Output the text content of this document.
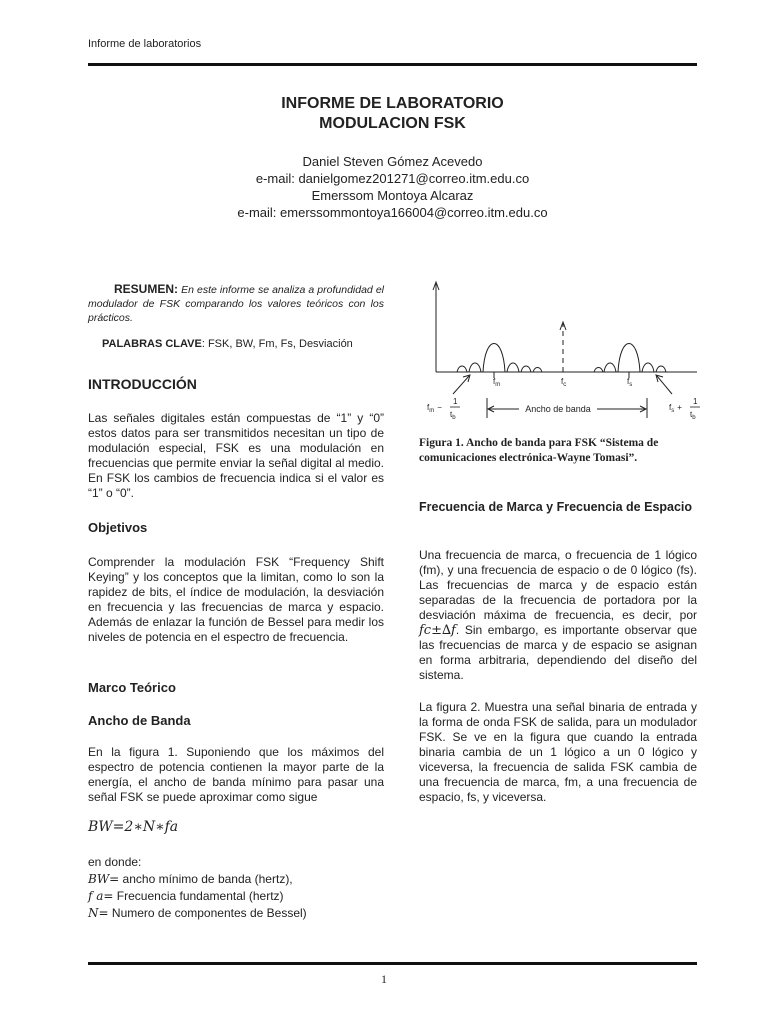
Informe de laboratorios
INFORME DE LABORATORIO
MODULACION FSK
Daniel Steven Gómez Acevedo
e-mail: danielgomez201271@correo.itm.edu.co
Emerssom Montoya Alcaraz
e-mail: emerssommontoya166004@correo.itm.edu.co
RESUMEN: En este informe se analiza a profundidad el modulador de FSK comparando los valores teóricos con los prácticos.
PALABRAS CLAVE: FSK, BW, Fm, Fs, Desviación
INTRODUCCIÓN
Las señales digitales están compuestas de “1” y “0” estos datos para ser transmitidos necesitan un tipo de modulación especial, FSK es una modulación en frecuencias que permite enviar la señal digital al medio. En FSK los cambios de frecuencia indica si el valor es “1” o “0”.
Objetivos
Comprender la modulación FSK “Frequency Shift Keying” y los conceptos que la limitan, como lo son la rapidez de bits, el índice de modulación, la desviación en frecuencia y las frecuencias de marca y espacio. Además de enlazar la función de Bessel para medir los niveles de potencia en el espectro de frecuencia.
Marco Teórico
Ancho de Banda
En la figura 1. Suponiendo que los máximos del espectro de potencia contienen la mayor parte de la energía, el ancho de banda mínimo para pasar una señal FSK se puede aproximar como sigue
BW=2∗N∗fa
en donde:
BW= ancho mínimo de banda (hertz),
f a= Frecuencia fundamental (hertz)
N= Numero de componentes de Bessel)
$f_m$	$f_c$	$f_s$
Ancho de banda
$f_m$ −
1
$t_b$
$f_s$ +
1
$t_b$
Figura 1. Ancho de banda para FSK “Sistema de comunicaciones electrónica-Wayne Tomasi”.
Frecuencia de Marca y Frecuencia de Espacio
Una frecuencia de marca, o frecuencia de 1 lógico (fm), y una frecuencia de espacio o de 0 lógico (fs). Las frecuencias de marca y de espacio están separadas de la frecuencia de portadora por la desviación máxima de frecuencia, es decir, por fc±∆f. Sin embargo, es importante observar que las frecuencias de marca y de espacio se asignan en forma arbitraria, dependiendo del diseño del sistema.
La figura 2. Muestra una señal binaria de entrada y la forma de onda FSK de salida, para un modulador FSK. Se ve en la figura que cuando la entrada binaria cambia de un 1 lógico a un 0 lógico y viceversa, la frecuencia de salida FSK cambia de una frecuencia de marca, fm, a una frecuencia de espacio, fs, y viceversa.
1
